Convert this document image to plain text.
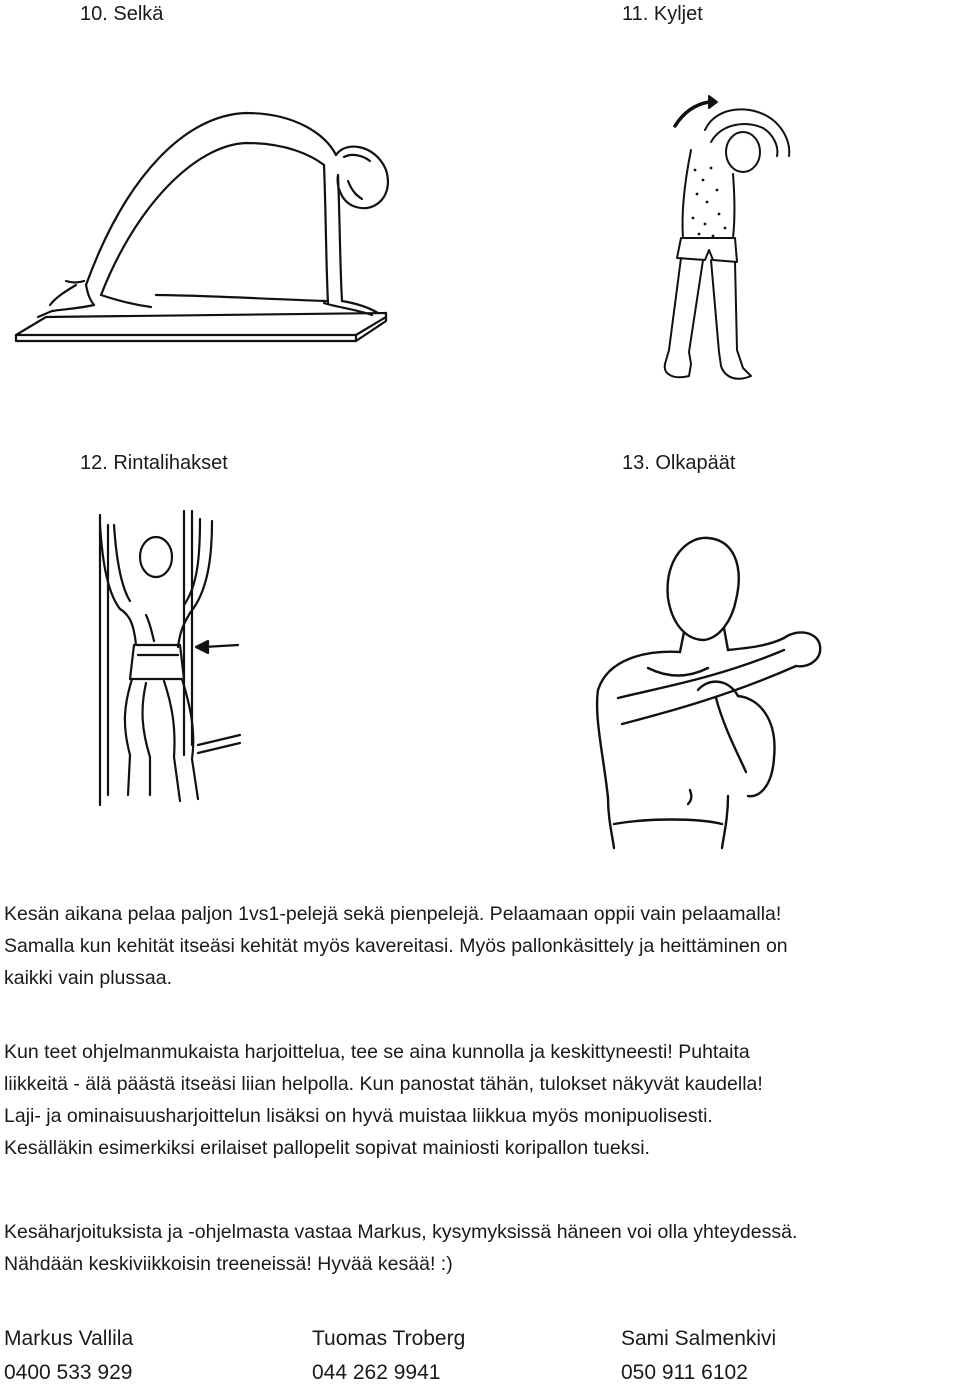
10. Selkä	11. Kyljet
12. Rintalihakset	13. Olkapäät
Kesän aikana pelaa paljon 1vs1-pelejä sekä pienpelejä. Pelaamaan oppii vain pelaamalla!
Samalla kun kehität itseäsi kehität myös kavereitasi. Myös pallonkäsittely ja heittäminen on
kaikki vain plussaa.
Kun teet ohjelmanmukaista harjoittelua, tee se aina kunnolla ja keskittyneesti! Puhtaita
liikkeitä - älä päästä itseäsi liian helpolla. Kun panostat tähän, tulokset näkyvät kaudella!
Laji- ja ominaisuusharjoittelun lisäksi on hyvä muistaa liikkua myös monipuolisesti.
Kesälläkin esimerkiksi erilaiset pallopelit sopivat mainiosti koripallon tueksi.
Kesäharjoituksista ja -ohjelmasta vastaa Markus, kysymyksissä häneen voi olla yhteydessä.
Nähdään keskiviikkoisin treeneissä! Hyvää kesää! :)
Markus Vallila
0400 533 929
Tuomas Troberg
044 262 9941
Sami Salmenkivi
050 911 6102
